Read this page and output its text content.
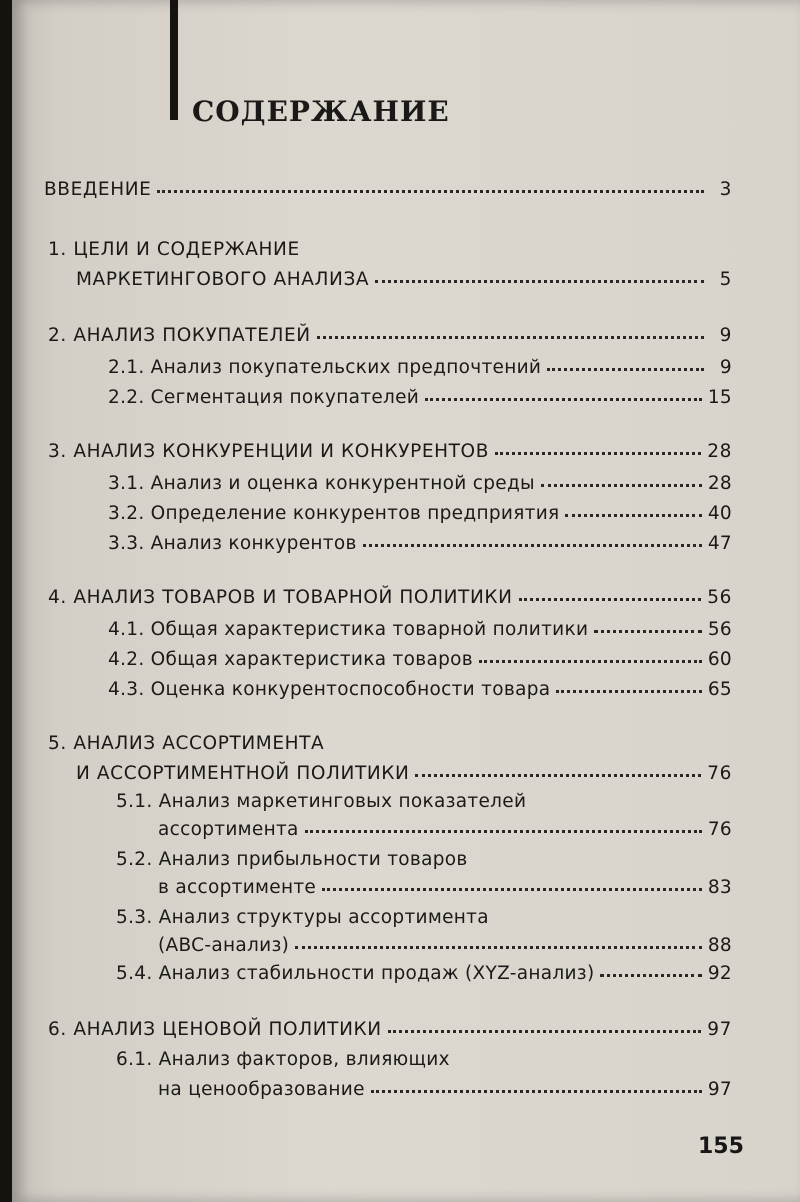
СОДЕРЖАНИЕ
ВВЕДЕНИЕ	3
1. ЦЕЛИ И СОДЕРЖАНИЕ
МАРКЕТИНГОВОГО АНАЛИЗА	5
2. АНАЛИЗ ПОКУПАТЕЛЕЙ	9
2.1. Анализ покупательских предпочтений	9
2.2. Сегментация покупателей	15
3. АНАЛИЗ КОНКУРЕНЦИИ И КОНКУРЕНТОВ	28
3.1. Анализ и оценка конкурентной среды	28
3.2. Определение конкурентов предприятия	40
3.3. Анализ конкурентов	47
4. АНАЛИЗ ТОВАРОВ И ТОВАРНОЙ ПОЛИТИКИ	56
4.1. Общая характеристика товарной политики	56
4.2. Общая характеристика товаров	60
4.3. Оценка конкурентоспособности товара	65
5. АНАЛИЗ АССОРТИМЕНТА
И АССОРТИМЕНТНОЙ ПОЛИТИКИ	76
5.1. Анализ маркетинговых показателей
ассортимента	76
5.2. Анализ прибыльности товаров
в ассортименте	83
5.3. Анализ структуры ассортимента
(ABC-анализ)	88
5.4. Анализ стабильности продаж (XYZ-анализ)	92
6. АНАЛИЗ ЦЕНОВОЙ ПОЛИТИКИ	97
6.1. Анализ факторов, влияющих
на ценообразование	97
155
